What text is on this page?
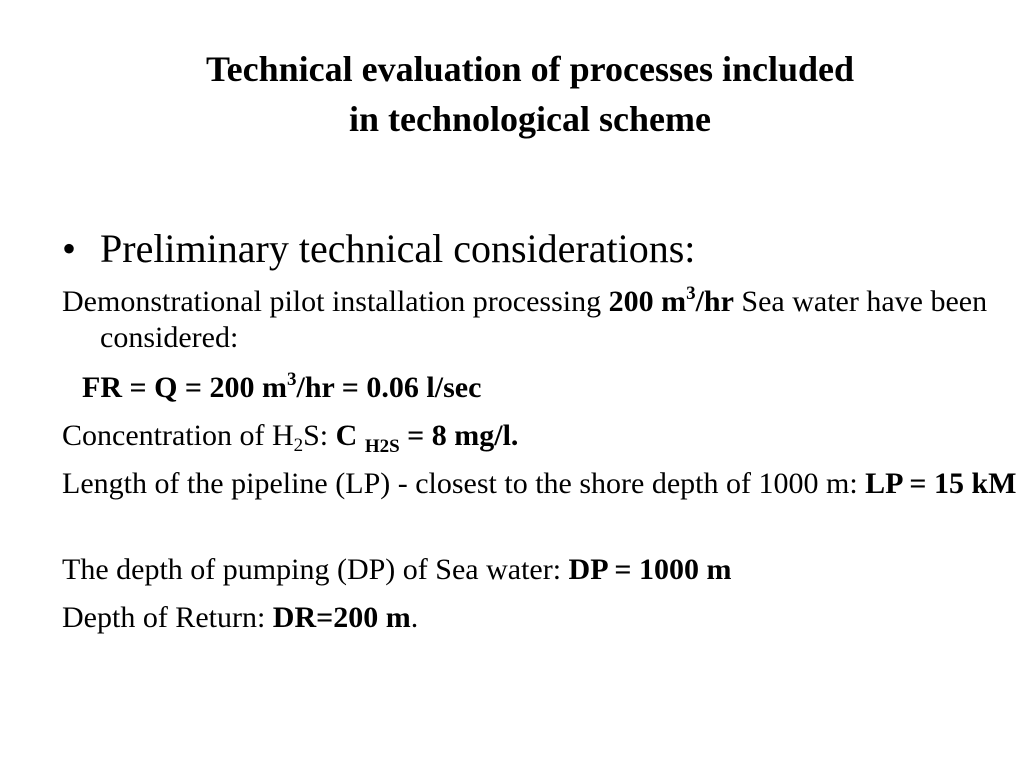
Technical evaluation of processes included
in technological scheme
• Preliminary technical considerations:
Demonstrational pilot installation processing 200 $m^3/hr$ Sea water have been considered:
FR = Q = 200 $m^3/hr = 0.06$ l/sec
Concentration of $H_2S$: C $_{H2S}$ = 8 mg/l.
Length of the pipeline (LP) - closest to the shore depth of 1000 m: LP = 15 kM
The depth of pumping (DP) of Sea water: DP = 1000 m
Depth of Return: DR=200 m.
